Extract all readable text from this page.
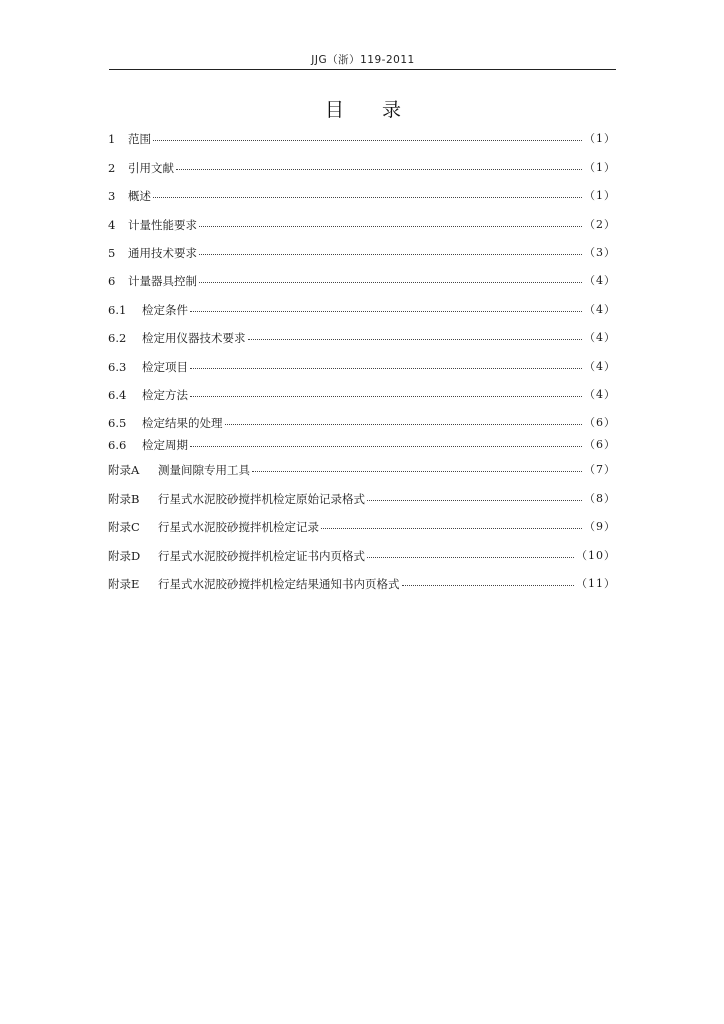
JJG（浙）119-2011
目录
1	范围	（1）
2	引用文献	（1）
3	概述	（1）
4	计量性能要求	（2）
5	通用技术要求	（3）
6	计量器具控制	（4）
6.1	检定条件	（4）
6.2	检定用仪器技术要求	（4）
6.3	检定项目	（4）
6.4	检定方法	（4）
6.5	检定结果的处理	（6）
6.6	检定周期	（6）
附录A	测量间隙专用工具	（7）
附录B	行星式水泥胶砂搅拌机检定原始记录格式	（8）
附录C	行星式水泥胶砂搅拌机检定记录	（9）
附录D	行星式水泥胶砂搅拌机检定证书内页格式	（10）
附录E	行星式水泥胶砂搅拌机检定结果通知书内页格式	（11）
